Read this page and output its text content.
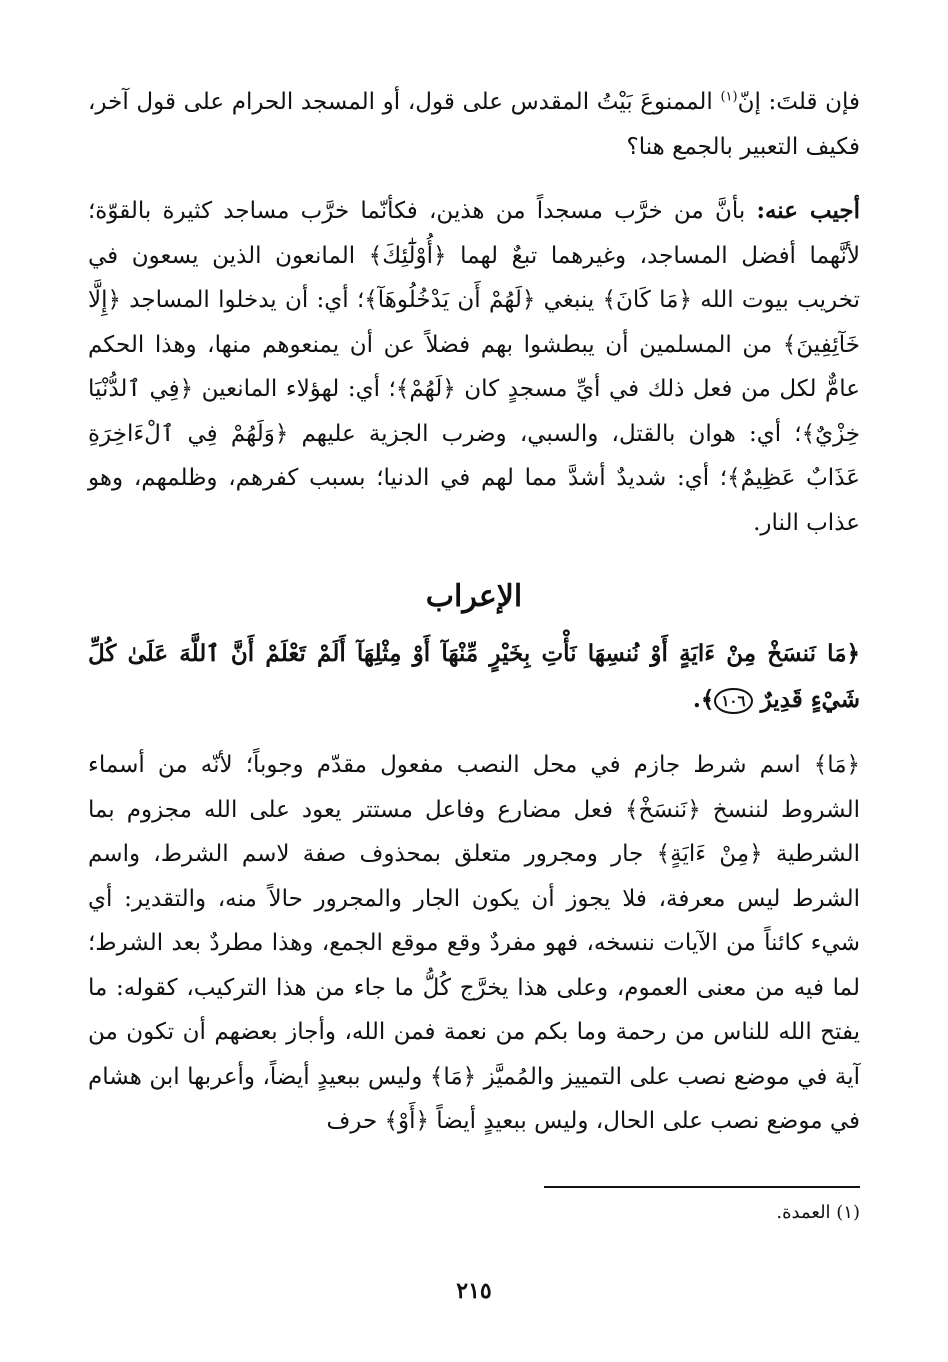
فإن قلتَ: إنّ$^{(١)}$ الممنوعَ بَيْتُ المقدس على قول، أو المسجد الحرام على قول آخر، فكيف التعبير بالجمع هنا؟

أجيب عنه: بأنَّ من خرَّب مسجداً من هذين، فكأنّما خرَّب مساجد كثيرة بالقوّة؛ لأنَّهما أفضل المساجد، وغيرهما تبعٌ لهما ﴿أُوْلَٰٓئِكَ﴾ المانعون الذين يسعون في تخريب بيوت الله ﴿مَا كَانَ﴾ ينبغي ﴿لَهُمْ أَن يَدْخُلُوهَآ﴾؛ أي: أن يدخلوا المساجد ﴿إِلَّا خَآئِفِينَ﴾ من المسلمين أن يبطشوا بهم فضلاً عن أن يمنعوهم منها، وهذا الحكم عامٌّ لكل من فعل ذلك في أيِّ مسجدٍ كان ﴿لَهُمْ﴾؛ أي: لهؤلاء المانعين ﴿فِي ٱلدُّنْيَا خِزْيٌ﴾؛ أي: هوان بالقتل، والسبي، وضرب الجزية عليهم ﴿وَلَهُمْ فِي ٱلْءَاخِرَةِ عَذَابٌ عَظِيمٌ﴾؛ أي: شديدٌ أشدَّ مما لهم في الدنيا؛ بسبب كفرهم، وظلمهم، وهو عذاب النار.

الإعراب

﴿مَا نَنسَخْ مِنْ ءَايَةٍ أَوْ نُنسِهَا نَأْتِ بِخَيْرٍ مِّنْهَآ أَوْ مِثْلِهَآ أَلَمْ تَعْلَمْ أَنَّ ٱللَّهَ عَلَىٰ كُلِّ شَيْءٍ قَدِيرٌ ١٠٦﴾.

﴿مَا﴾ اسم شرط جازم في محل النصب مفعول مقدّم وجوباً؛ لأنّه من أسماء الشروط لننسخ ﴿نَنسَخْ﴾ فعل مضارع وفاعل مستتر يعود على الله مجزوم بما الشرطية ﴿مِنْ ءَايَةٍ﴾ جار ومجرور متعلق بمحذوف صفة لاسم الشرط، واسم الشرط ليس معرفة، فلا يجوز أن يكون الجار والمجرور حالاً منه، والتقدير: أي شيء كائناً من الآيات ننسخه، فهو مفردٌ وقع موقع الجمع، وهذا مطردٌ بعد الشرط؛ لما فيه من معنى العموم، وعلى هذا يخرَّج كُلُّ ما جاء من هذا التركيب، كقوله: ما يفتح الله للناس من رحمة وما بكم من نعمة فمن الله، وأجاز بعضهم أن تكون من آية في موضع نصب على التمييز والمُميَّز ﴿مَا﴾ وليس ببعيدٍ أيضاً، وأعربها ابن هشام في موضع نصب على الحال، وليس ببعيدٍ أيضاً ﴿أَوْ﴾ حرف

(١) العمدة.
٢١٥
